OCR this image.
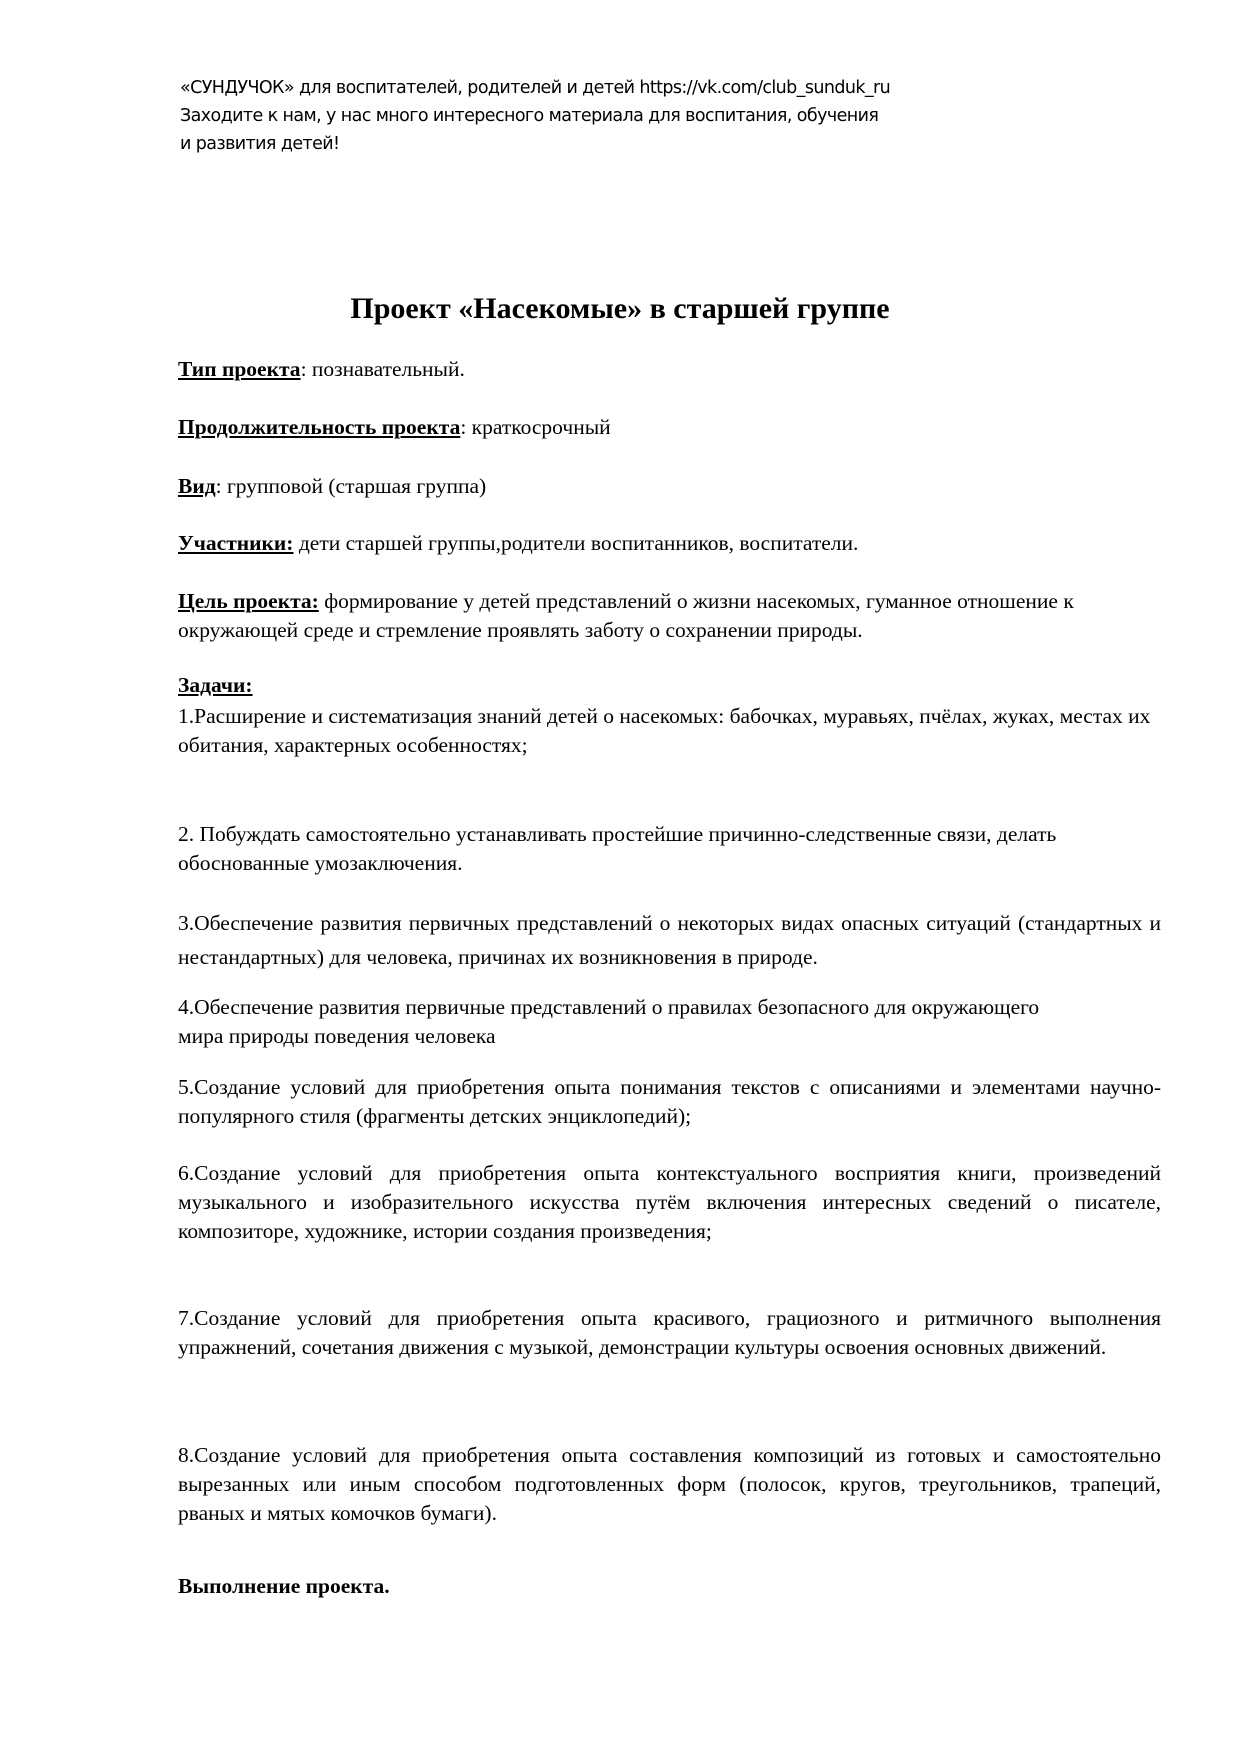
«СУНДУЧОК» для воспитателей, родителей и детей https://vk.com/club_sunduk_ru
Заходите к нам, у нас много интересного материала для воспитания, обучения
и развития детей!
Проект «Насекомые» в старшей группе
Тип проекта: познавательный.
Продолжительность проекта: краткосрочный
Вид: групповой (старшая группа)
Участники: дети старшей группы,родители воспитанников, воспитатели.
Цель проекта: формирование у детей представлений о жизни насекомых, гуманное отношение к окружающей среде и стремление проявлять заботу о сохранении природы.
Задачи:
1.Расширение и систематизация знаний детей о насекомых: бабочках, муравьях, пчёлах, жуках, местах их обитания, характерных особенностях;
2. Побуждать самостоятельно устанавливать простейшие причинно-следственные связи, делать обоснованные умозаключения.
3.Обеспечение развития первичных представлений о некоторых видах опасных ситуаций (стандартных и нестандартных) для человека, причинах их возникновения в природе.
4.Обеспечение развития первичные представлений о правилах безопасного для окружающего мира природы поведения человека
5.Создание условий для приобретения опыта понимания текстов с описаниями и элементами научно-популярного стиля (фрагменты детских энциклопедий);
6.Создание условий для приобретения опыта контекстуального восприятия книги, произведений музыкального и изобразительного искусства путём включения интересных сведений о писателе, композиторе, художнике, истории создания произведения;
7.Создание условий для приобретения опыта красивого, грациозного и ритмичного выполнения упражнений, сочетания движения с музыкой, демонстрации культуры освоения основных движений.
8.Создание условий для приобретения опыта составления композиций из готовых и самостоятельно вырезанных или иным способом подготовленных форм (полосок, кругов, треугольников, трапеций, рваных и мятых комочков бумаги).
Выполнение проекта.
